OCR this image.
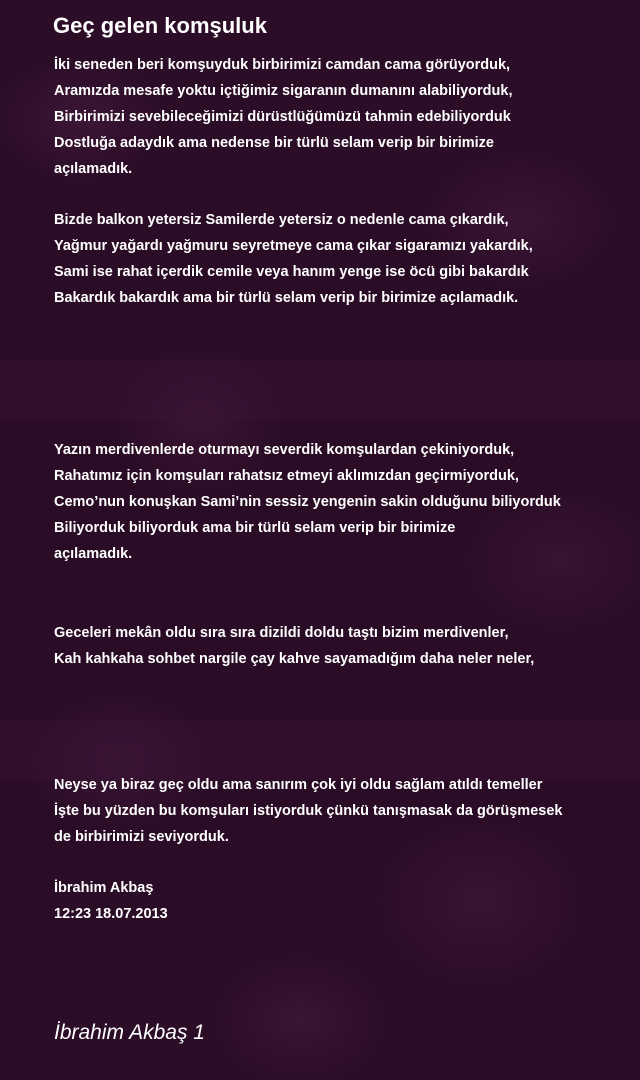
Geç gelen komşuluk
İki seneden beri komşuyduk birbirimizi camdan cama görüyorduk,
Aramızda mesafe yoktu içtiğimiz sigaranın dumanını alabiliyorduk,
Birbirimizi sevebileceğimizi dürüstlüğümüzü tahmin edebiliyorduk
Dostluğa adaydık ama nedense bir türlü selam verip bir birimize
açılamadık.
Bizde balkon yetersiz Samilerde yetersiz o nedenle cama çıkardık,
Yağmur yağardı yağmuru seyretmeye cama çıkar sigaramızı yakardık,
Sami ise rahat içerdik cemile veya hanım yenge ise öcü gibi bakardık
Bakardık bakardık ama bir türlü selam verip bir birimize açılamadık.
Yazın merdivenlerde oturmayı severdik komşulardan çekiniyorduk,
Rahatımız için komşuları rahatsız etmeyi aklımızdan geçirmiyorduk,
Cemo’nun konuşkan Sami’nin sessiz yengenin sakin olduğunu biliyorduk
Biliyorduk biliyorduk ama bir türlü selam verip bir birimize
açılamadık.
Geceleri mekân oldu sıra sıra dizildi doldu taştı bizim merdivenler,
Kah kahkaha sohbet nargile çay kahve sayamadığım daha neler neler,
Neyse ya biraz geç oldu ama sanırım çok iyi oldu sağlam atıldı temeller
İşte bu yüzden bu komşuları istiyorduk çünkü tanışmasak da görüşmesek
de birbirimizi seviyorduk.
İbrahim Akbaş
12:23 18.07.2013
İbrahim Akbaş 1
